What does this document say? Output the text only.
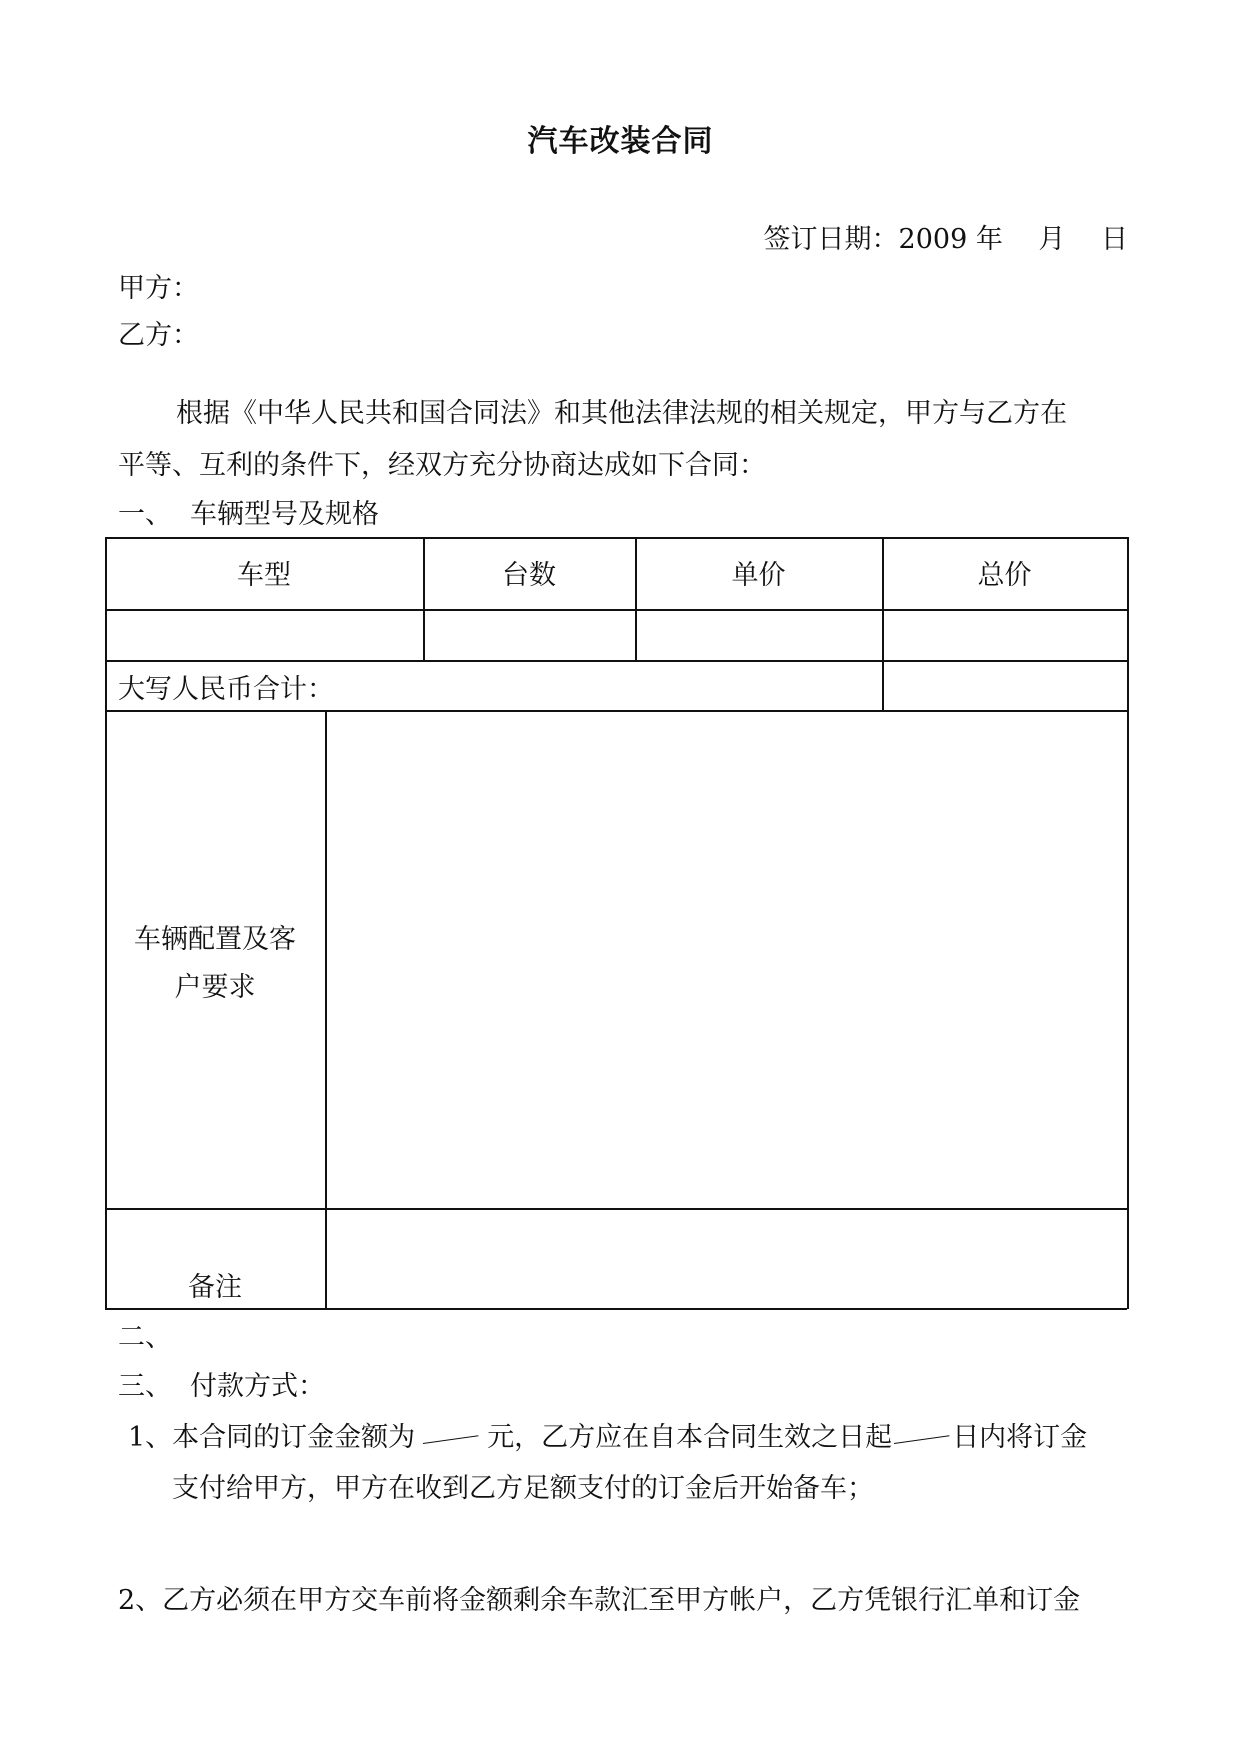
汽车改装合同
签订日期：2009 年　 月　 日
甲方：
乙方：
根据《中华人民共和国合同法》和其他法律法规的相关规定，甲方与乙方在
平等、互利的条件下，经双方充分协商达成如下合同：
一、 车辆型号及规格
车型	台数	单价	总价
大写人民币合计：
车辆配置及客
户要求
备注
二、
三、 付款方式：
1、本合同的订金金额为	元，乙方应在自本合同生效之日起 日内将订金
支付给甲方，甲方在收到乙方足额支付的订金后开始备车；
2、乙方必须在甲方交车前将金额剩余车款汇至甲方帐户，乙方凭银行汇单和订金
